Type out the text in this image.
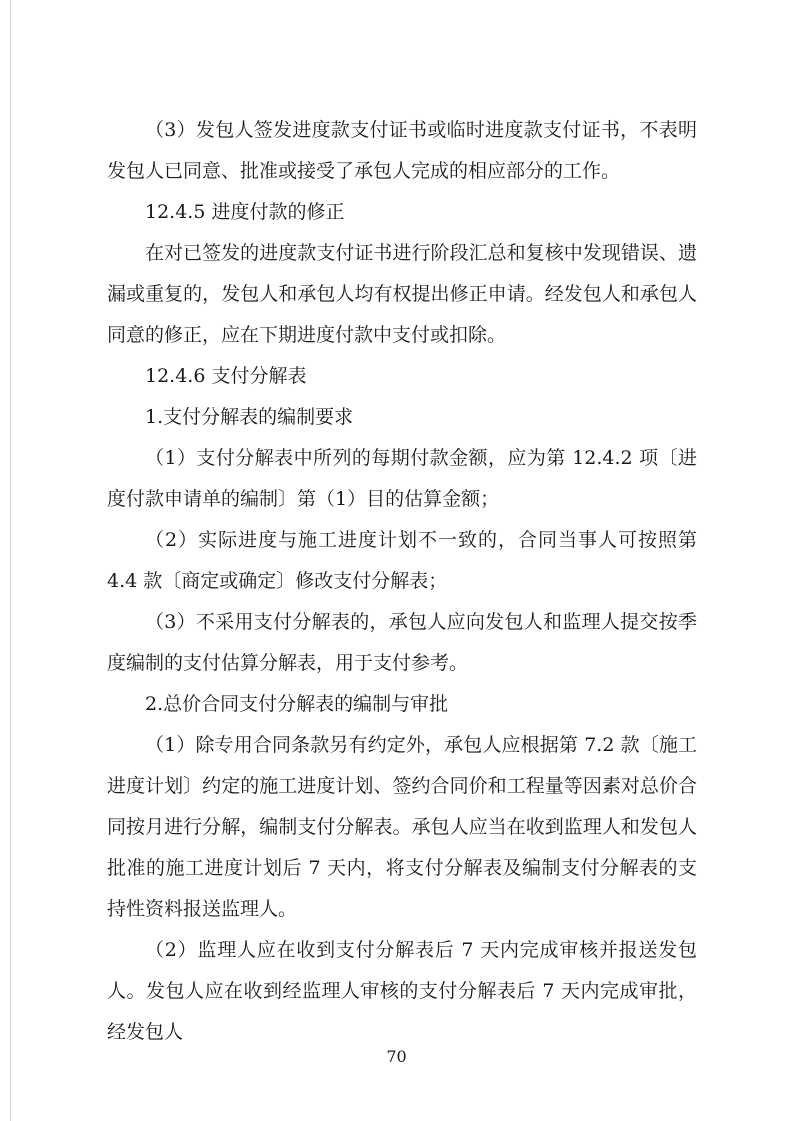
（3）发包人签发进度款支付证书或临时进度款支付证书，不表明发包人已同意、批准或接受了承包人完成的相应部分的工作。

12.4.5 进度付款的修正

在对已签发的进度款支付证书进行阶段汇总和复核中发现错误、遗漏或重复的，发包人和承包人均有权提出修正申请。经发包人和承包人同意的修正，应在下期进度付款中支付或扣除。

12.4.6 支付分解表

1.支付分解表的编制要求

（1）支付分解表中所列的每期付款金额，应为第 12.4.2 项〔进度付款申请单的编制〕第（1）目的估算金额；

（2）实际进度与施工进度计划不一致的，合同当事人可按照第 4.4 款〔商定或确定〕修改支付分解表；

（3）不采用支付分解表的，承包人应向发包人和监理人提交按季度编制的支付估算分解表，用于支付参考。

2.总价合同支付分解表的编制与审批

（1）除专用合同条款另有约定外，承包人应根据第 7.2 款〔施工进度计划〕约定的施工进度计划、签约合同价和工程量等因素对总价合同按月进行分解，编制支付分解表。承包人应当在收到监理人和发包人批准的施工进度计划后 7 天内，将支付分解表及编制支付分解表的支持性资料报送监理人。

（2）监理人应在收到支付分解表后 7 天内完成审核并报送发包人。发包人应在收到经监理人审核的支付分解表后 7 天内完成审批，经发包人

70
